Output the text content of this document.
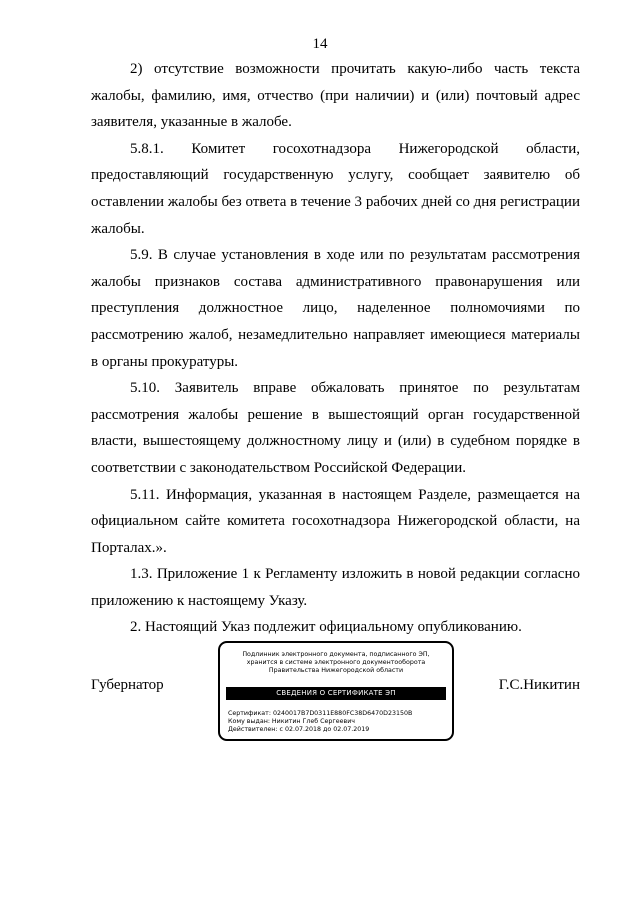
14

2) отсутствие возможности прочитать какую-либо часть текста жалобы, фамилию, имя, отчество (при наличии) и (или) почтовый адрес заявителя, указанные в жалобе.

5.8.1. Комитет госохотнадзора Нижегородской области, предоставляющий государственную услугу, сообщает заявителю об оставлении жалобы без ответа в течение 3 рабочих дней со дня регистрации жалобы.

5.9. В случае установления в ходе или по результатам рассмотрения жалобы признаков состава административного правонарушения или преступления должностное лицо, наделенное полномочиями по рассмотрению жалоб, незамедлительно направляет имеющиеся материалы в органы прокуратуры.

5.10. Заявитель вправе обжаловать принятое по результатам рассмотрения жалобы решение в вышестоящий орган государственной власти, вышестоящему должностному лицу и (или) в судебном порядке в соответствии с законодательством Российской Федерации.

5.11. Информация, указанная в настоящем Разделе, размещается на официальном сайте комитета госохотнадзора Нижегородской области, на Порталах.».

1.3. Приложение 1 к Регламенту изложить в новой редакции согласно приложению к настоящему Указу.

2. Настоящий Указ подлежит официальному опубликованию.

Губернатор	Г.С.Никитин
Подлинник электронного документа, подписанного ЭП,
хранится в системе электронного документооборота
Правительства Нижегородской области
СВЕДЕНИЯ О СЕРТИФИКАТЕ ЭП
Сертификат: 0240017B7D0311E880FC38D6470D23150B
Кому выдан: Никитин Глеб Сергеевич
Действителен: с 02.07.2018 до 02.07.2019
